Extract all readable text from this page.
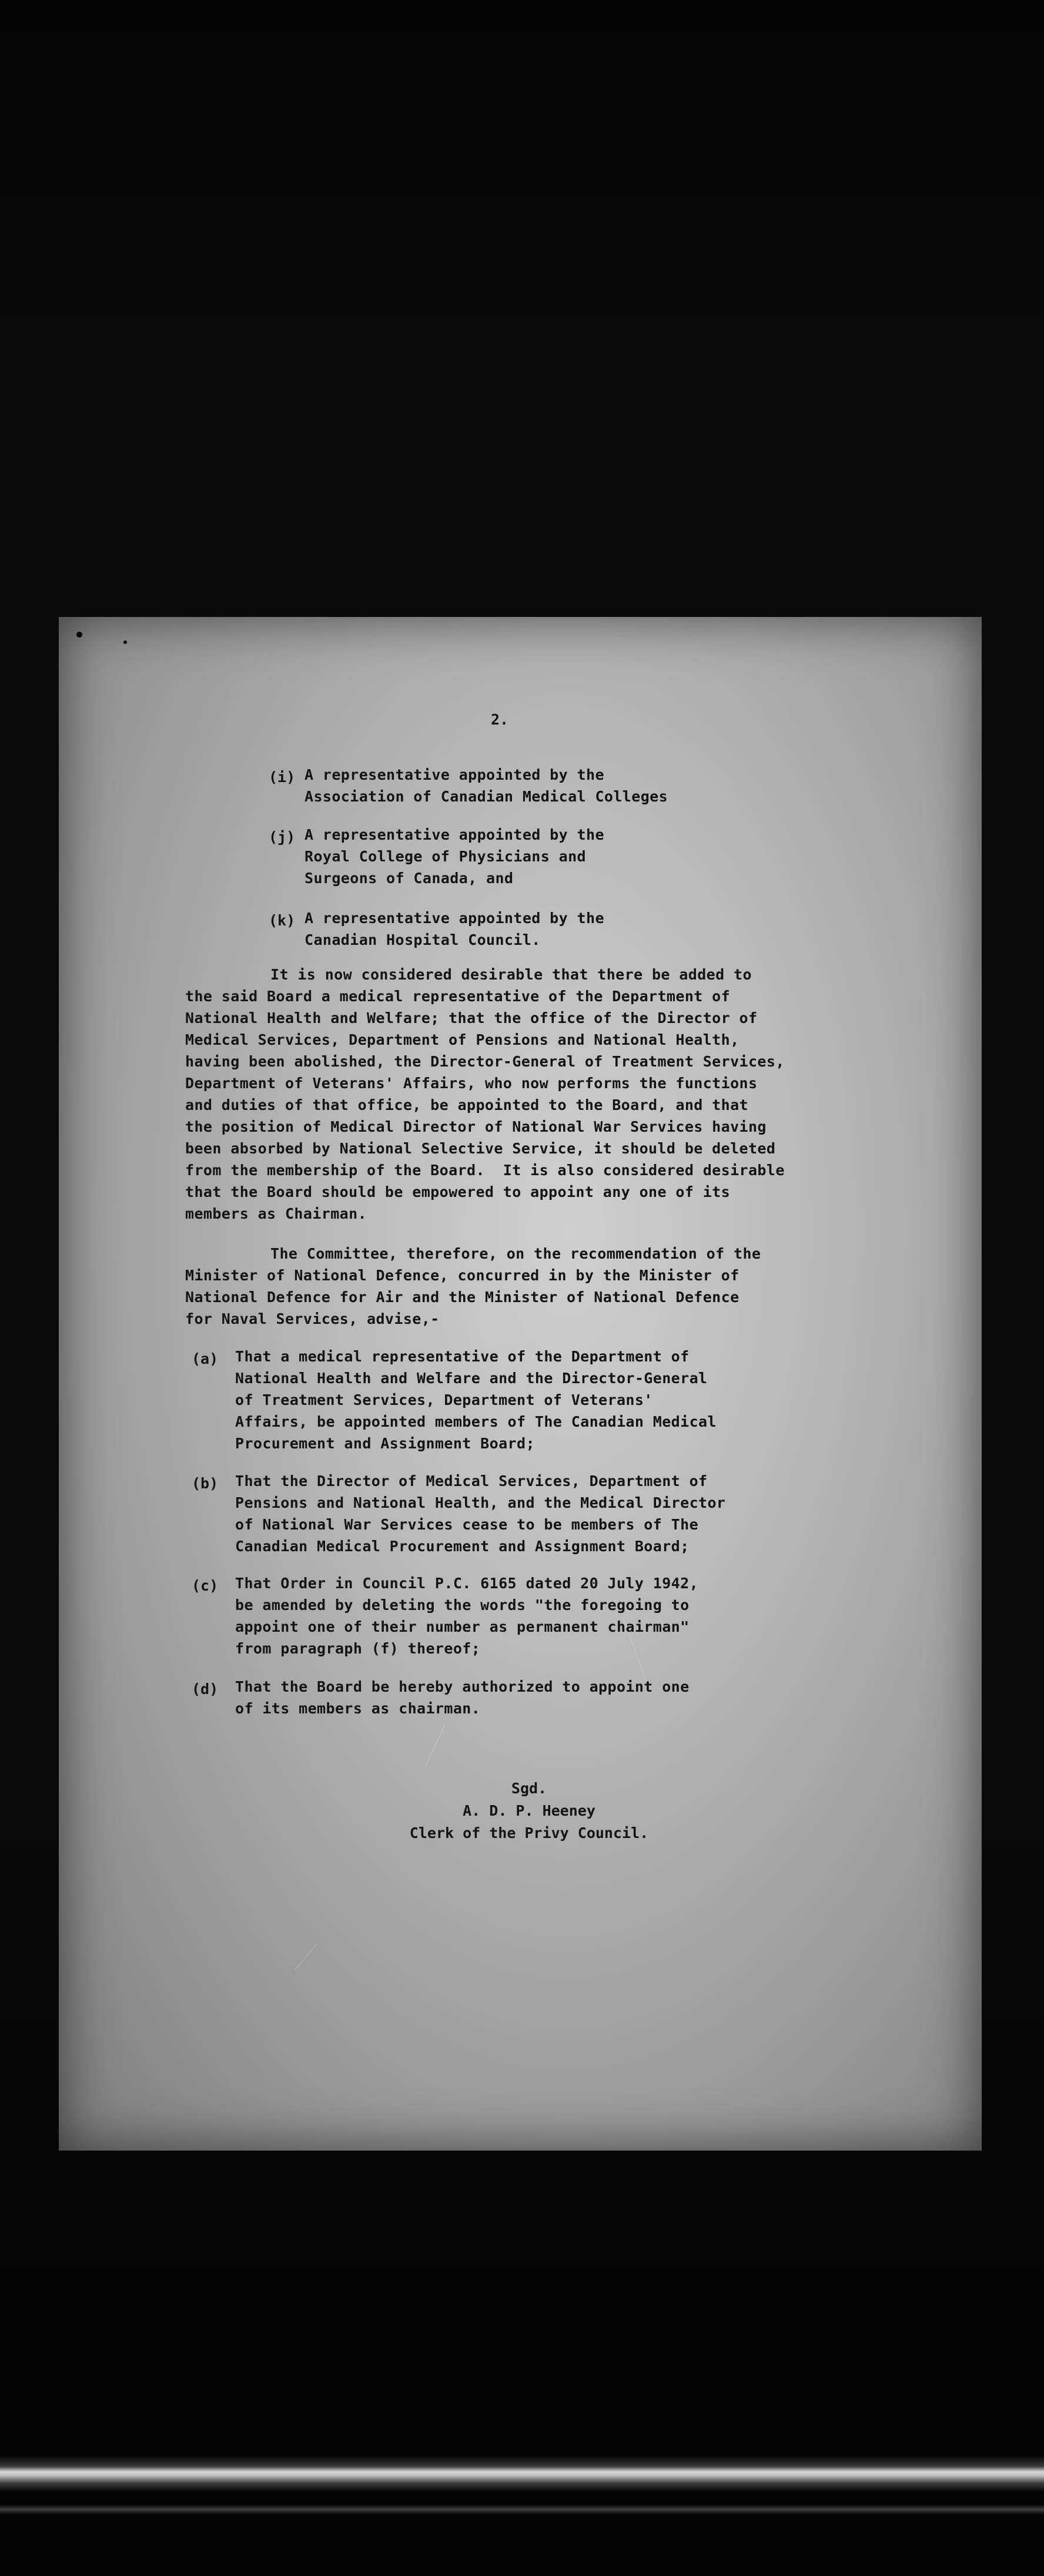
2.
(i) A representative appointed by the
Association of Canadian Medical Colleges
(j) A representative appointed by the
Royal College of Physicians and
Surgeons of Canada, and
(k) A representative appointed by the
Canadian Hospital Council.
It is now considered desirable that there be added to
the said Board a medical representative of the Department of
National Health and Welfare; that the office of the Director of
Medical Services, Department of Pensions and National Health,
having been abolished, the Director-General of Treatment Services,
Department of Veterans' Affairs, who now performs the functions
and duties of that office, be appointed to the Board, and that
the position of Medical Director of National War Services having
been absorbed by National Selective Service, it should be deleted
from the membership of the Board.  It is also considered desirable
that the Board should be empowered to appoint any one of its
members as Chairman.
The Committee, therefore, on the recommendation of the
Minister of National Defence, concurred in by the Minister of
National Defence for Air and the Minister of National Defence
for Naval Services, advise,-
(a) That a medical representative of the Department of
National Health and Welfare and the Director-General
of Treatment Services, Department of Veterans'
Affairs, be appointed members of The Canadian Medical
Procurement and Assignment Board;
(b) That the Director of Medical Services, Department of
Pensions and National Health, and the Medical Director
of National War Services cease to be members of The
Canadian Medical Procurement and Assignment Board;
(c) That Order in Council P.C. 6165 dated 20 July 1942,
be amended by deleting the words "the foregoing to
appoint one of their number as permanent chairman"
from paragraph (f) thereof;
(d) That the Board be hereby authorized to appoint one
of its members as chairman.
Sgd.
A. D. P. Heeney
Clerk of the Privy Council.
